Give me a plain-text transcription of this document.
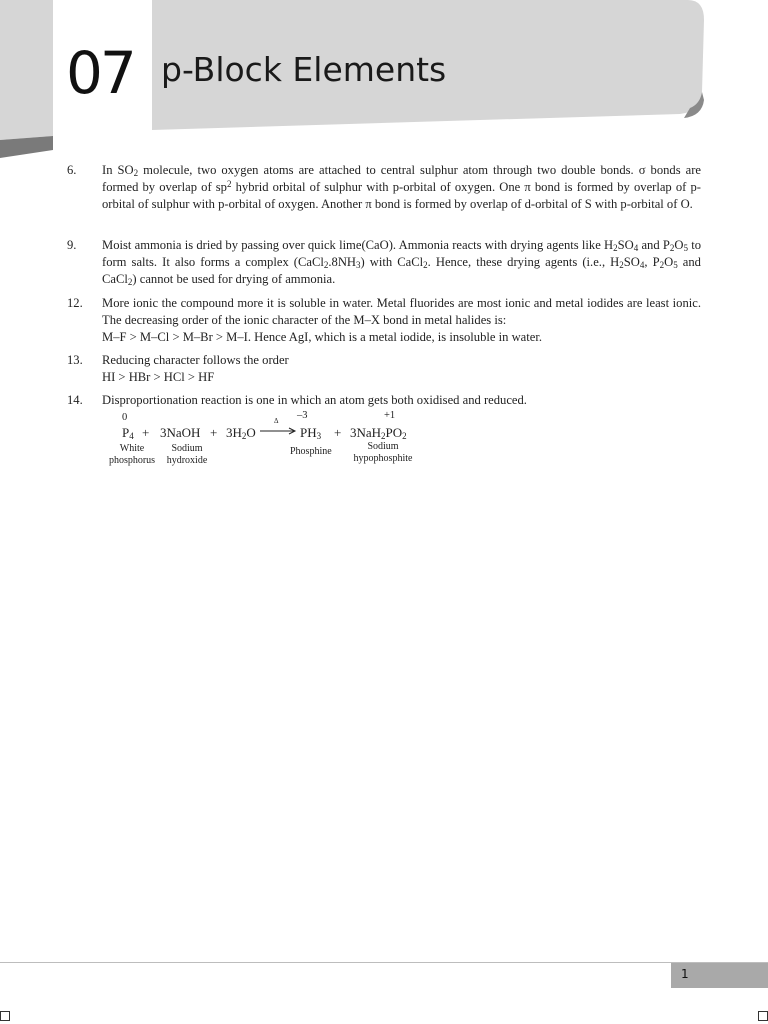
07 p-Block Elements
6.	In $SO_2$ molecule, two oxygen atoms are attached to central sulphur atom through two double bonds. σ bonds are formed by overlap of $sp^2$ hybrid orbital of sulphur with p-orbital of oxygen. One π bond is formed by overlap of p-orbital of sulphur with p-orbital of oxygen. Another π bond is formed by overlap of d-orbital of S with p-orbital of O.
9.	Moist ammonia is dried by passing over quick lime(CaO). Ammonia reacts with drying agents like $H_2SO_4$ and $P_2O_5$ to form salts. It also forms a complex $(CaCl_2.8NH_3)$ with CaCl$_2$. Hence, these drying agents (i.e., $H_2SO_4$, $P_2O_5$ and CaCl$_2$) cannot be used for drying of ammonia.
12.	More ionic the compound more it is soluble in water. Metal fluorides are most ionic and metal iodides are least ionic. The decreasing order of the ionic character of the M–X bond in metal halides is:

M–F > M–Cl > M–Br > M–I. Hence AgI, which is a metal iodide, is insoluble in water.

13.	Reducing character follows the order

HI > HBr > HCl > HF

14.	Disproportionation reaction is one in which an atom gets both oxidised and reduced.

0	–3	+1
$P_4$ + 3NaOH + $3H_2O$
Δ
→ $PH_3 + 3NaH_2PO_2$
White
phosphorus
Sodium
hydroxide
Phosphine	Sodium
hypophosphite
1
